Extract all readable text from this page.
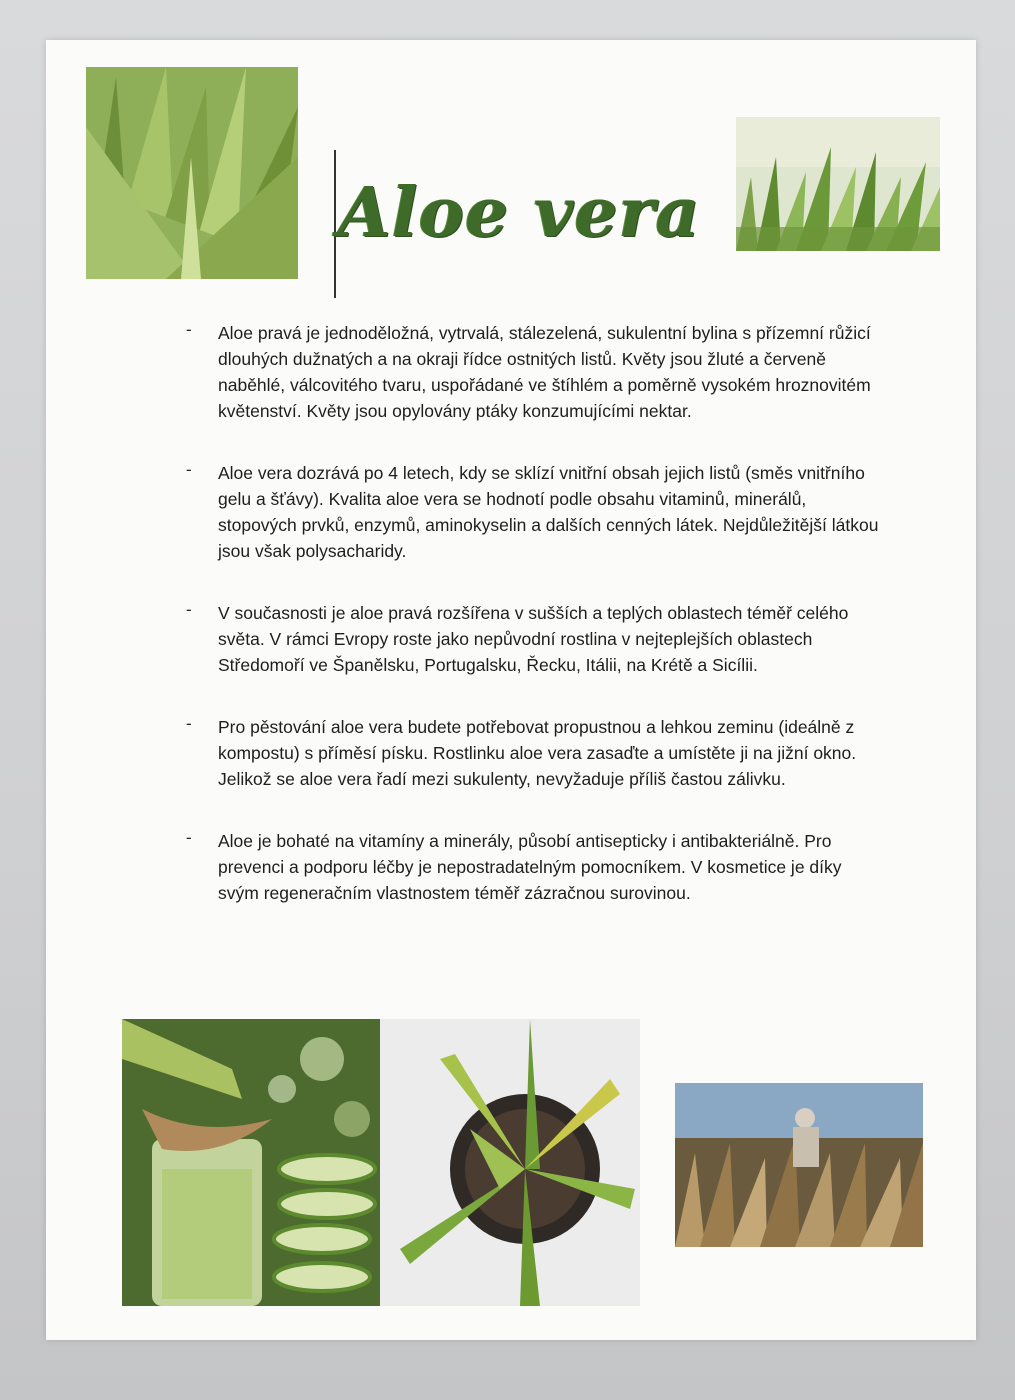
Aloe vera
- Aloe pravá je jednoděložná, vytrvalá, stálezelená, sukulentní bylina s přízemní růžicí dlouhých dužnatých a na okraji řídce ostnitých listů. Květy jsou žluté a červeně naběhlé, válcovitého tvaru, uspořádané ve štíhlém a poměrně vysokém hroznovitém květenství. Květy jsou opylovány ptáky konzumujícími nektar.

- Aloe vera dozrává po 4 letech, kdy se sklízí vnitřní obsah jejich listů (směs vnitřního gelu a šťávy). Kvalita aloe vera se hodnotí podle obsahu vitaminů, minerálů, stopových prvků, enzymů, aminokyselin a dalších cenných látek. Nejdůležitější látkou jsou však polysacharidy.

- V současnosti je aloe pravá rozšířena v sušších a teplých oblastech téměř celého světa. V rámci Evropy roste jako nepůvodní rostlina v nejteplejších oblastech Středomoří ve Španělsku, Portugalsku, Řecku, Itálii, na Krétě a Sicílii.

- Pro pěstování aloe vera budete potřebovat propustnou a lehkou zeminu (ideálně z kompostu) s příměsí písku. Rostlinku aloe vera zasaďte a umístěte ji na jižní okno. Jelikož se aloe vera řadí mezi sukulenty, nevyžaduje příliš častou zálivku.

- Aloe je bohaté na vitamíny a minerály, působí antisepticky i antibakteriálně. Pro prevenci a podporu léčby je nepostradatelným pomocníkem. V kosmetice je díky svým regeneračním vlastnostem téměř zázračnou surovinou.
